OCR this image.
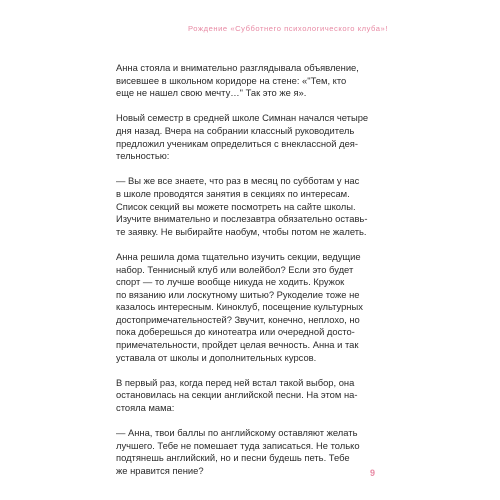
Рождение «Субботнего психологического клуба»!

Анна стояла и внимательно разглядывала объявление,
висевшее в школьном коридоре на стене: «"Тем, кто
еще не нашел свою мечту…" Так это же я».

Новый семестр в средней школе Симнан начался четыре
дня назад. Вчера на собрании классный руководитель
предложил ученикам определиться с внеклассной дея-
тельностью:

— Вы же все знаете, что раз в месяц по субботам у нас
в школе проводятся занятия в секциях по интересам.
Список секций вы можете посмотреть на сайте школы.
Изучите внимательно и послезавтра обязательно оставь-
те заявку. Не выбирайте наобум, чтобы потом не жалеть.

Анна решила дома тщательно изучить секции, ведущие
набор. Теннисный клуб или волейбол? Если это будет
спорт — то лучше вообще никуда не ходить. Кружок
по вязанию или лоскутному шитью? Рукоделие тоже не
казалось интересным. Киноклуб, посещение культурных
достопримечательностей? Звучит, конечно, неплохо, но
пока доберешься до кинотеатра или очередной досто-
примечательности, пройдет целая вечность. Анна и так
уставала от школы и дополнительных курсов.

В первый раз, когда перед ней встал такой выбор, она
остановилась на секции английской песни. На этом на-
стояла мама:

— Анна, твои баллы по английскому оставляют желать
лучшего. Тебе не помешает туда записаться. Не только
подтянешь английский, но и песни будешь петь. Тебе
же нравится пение?	9
